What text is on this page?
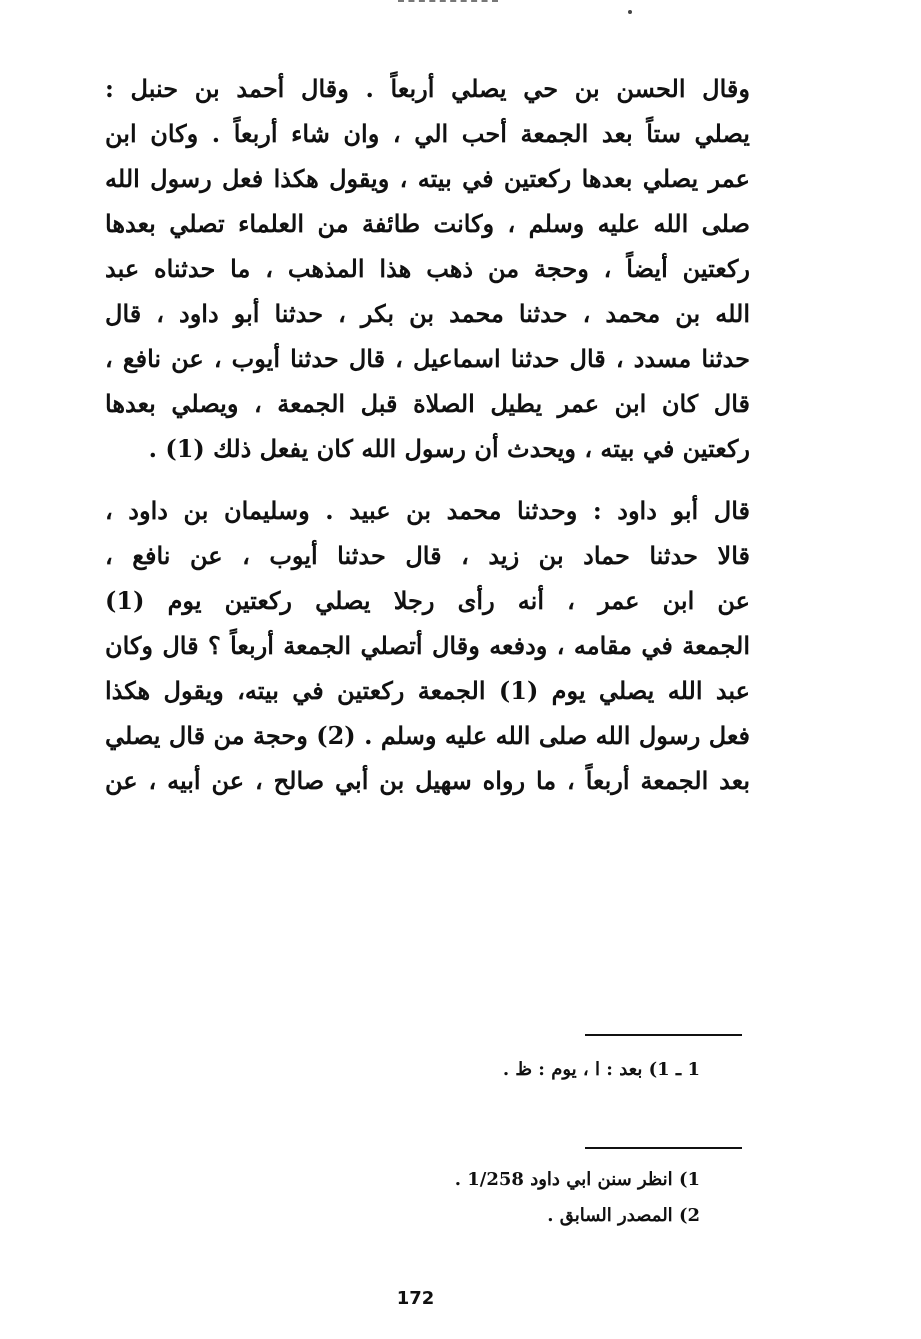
وقال الحسن بن حي يصلي أربعاً . وقال أحمد بن حنبل :
يصلي ستاً بعد الجمعة أحب الي ، وان شاء أربعاً . وكان ابن
عمر يصلي بعدها ركعتين في بيته ، ويقول هكذا فعل رسول الله
صلى الله عليه وسلم ، وكانت طائفة من العلماء تصلي بعدها
ركعتين أيضاً ، وحجة من ذهب هذا المذهب ، ما حدثناه عبد
الله بن محمد ، حدثنا محمد بن بكر ، حدثنا أبو داود ، قال
حدثنا مسدد ، قال حدثنا اسماعيل ، قال حدثنا أيوب ، عن نافع ،
قال كان ابن عمر يطيل الصلاة قبل الجمعة ، ويصلي بعدها
ركعتين في بيته ، ويحدث أن رسول الله كان يفعل ذلك (1) .
قال أبو داود : وحدثنا محمد بن عبيد . وسليمان بن داود ،
قالا حدثنا حماد بن زيد ، قال حدثنا أيوب ، عن نافع ،
عن ابن عمر ، أنه رأى رجلا يصلي ركعتين يوم (1)
الجمعة في مقامه ، ودفعه وقال أتصلي الجمعة أربعاً ؟ قال وكان
عبد الله يصلي يوم (1) الجمعة ركعتين في بيته، ويقول هكذا
فعل رسول الله صلى الله عليه وسلم . (2) وحجة من قال يصلي
بعد الجمعة أربعاً ، ما رواه سهيل بن أبي صالح ، عن أبيه ، عن
1 ـ 1) بعد : ا ، يوم : ظ .
1) انظر سنن ابي داود 1/258 .
2) المصدر السابق .
172
